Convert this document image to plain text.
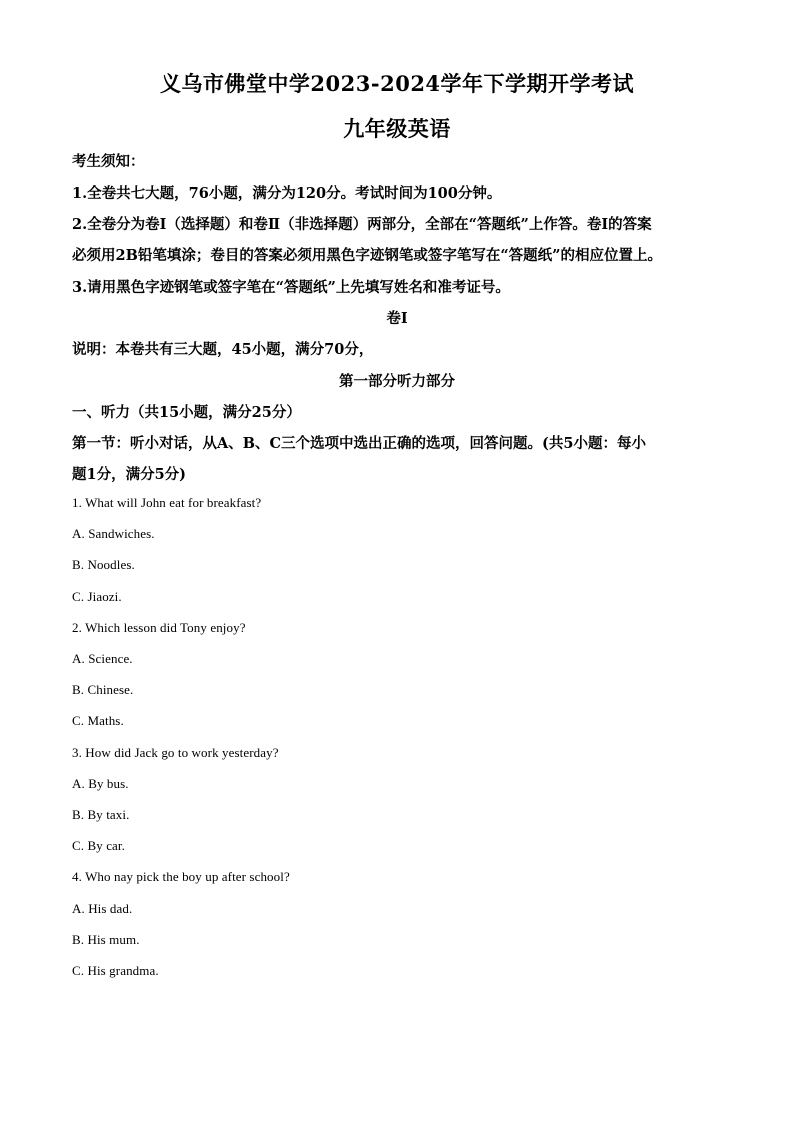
义乌市佛堂中学2023-2024学年下学期开学考试
九年级英语
考生须知：
1.全卷共七大题，76小题，满分为120分。考试时间为100分钟。
2.全卷分为卷Ⅰ（选择题）和卷Ⅱ（非选择题）两部分，全部在“答题纸”上作答。卷Ⅰ的答案
必须用2B铅笔填涂；卷目的答案必须用黑色字迹钢笔或签字笔写在“答题纸”的相应位置上。
3.请用黑色字迹钢笔或签字笔在“答题纸”上先填写姓名和准考证号。
卷Ⅰ
说明：本卷共有三大题，45小题，满分70分，
第一部分听力部分
一、听力（共15小题，满分25分）
第一节：听小对话，从A、B、C三个选项中选出正确的选项，回答问题。(共5小题：每小
题1分，满分5分)
1. What will John eat for breakfast?
A. Sandwiches.
B. Noodles.
C. Jiaozi.
2. Which lesson did Tony enjoy?
A. Science.
B. Chinese.
C. Maths.
3. How did Jack go to work yesterday?
A. By bus.
B. By taxi.
C. By car.
4. Who nay pick the boy up after school?
A. His dad.
B. His mum.
C. His grandma.
